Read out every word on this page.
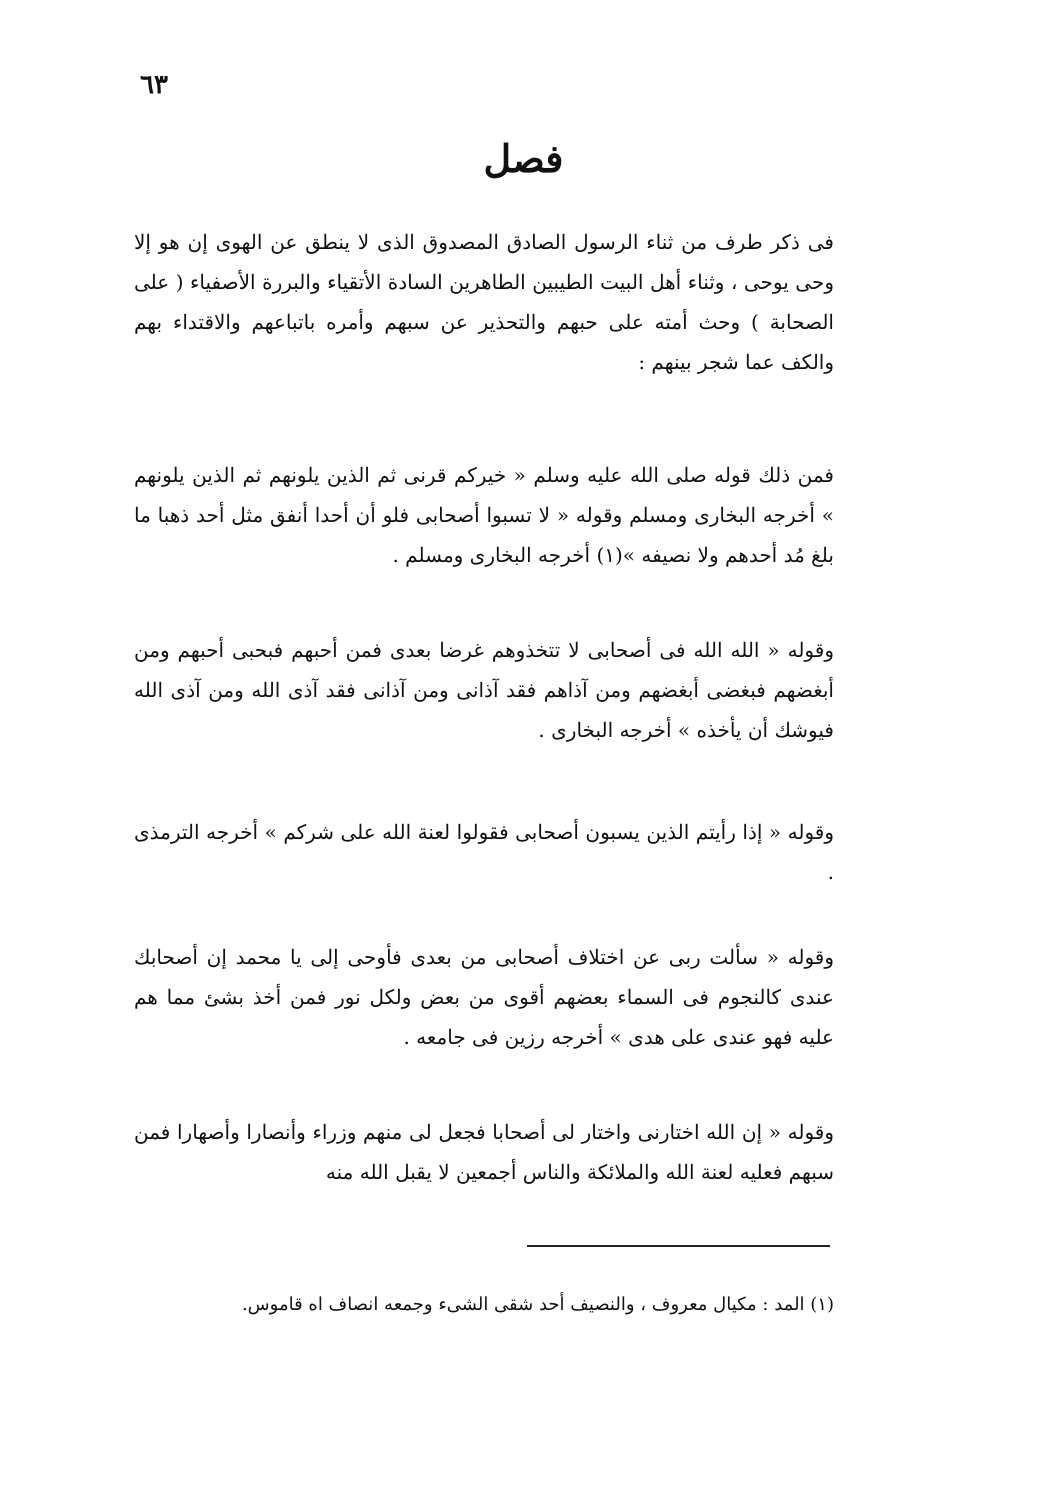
٦٣
فصل

فى ذكر طرف من ثناء الرسول الصادق المصدوق الذى لا ينطق عن الهوى إن هو إلا وحى يوحى ، وثناء أهل البيت الطيبين الطاهرين السادة الأتقياء والبررة الأصفياء ( على الصحابة ) وحث أمته على حبهم والتحذير عن سبهم وأمره باتباعهم والاقتداء بهم والكف عما شجر بينهم :

فمن ذلك قوله صلى الله عليه وسلم « خيركم قرنى ثم الذين يلونهم ثم الذين يلونهم » أخرجه البخارى ومسلم وقوله « لا تسبوا أصحابى فلو أن أحدا أنفق مثل أحد ذهبا ما بلغ مُد أحدهم ولا نصيفه »(١) أخرجه البخارى ومسلم .

وقوله « الله الله فى أصحابى لا تتخذوهم غرضا بعدى فمن أحبهم فبحبى أحبهم ومن أبغضهم فبغضى أبغضهم ومن آذاهم فقد آذانى ومن آذانى فقد آذى الله ومن آذى الله فيوشك أن يأخذه » أخرجه البخارى .

وقوله « إذا رأيتم الذين يسبون أصحابى فقولوا لعنة الله على شركم » أخرجه الترمذى .

وقوله « سألت ربى عن اختلاف أصحابى من بعدى فأوحى إلى يا محمد إن أصحابك عندى كالنجوم فى السماء بعضهم أقوى من بعض ولكل نور فمن أخذ بشئ مما هم عليه فهو عندى على هدى » أخرجه رزين فى جامعه .

وقوله « إن الله اختارنى واختار لى أصحابا فجعل لى منهم وزراء وأنصارا وأصهارا فمن سبهم فعليه لعنة الله والملائكة والناس أجمعين لا يقبل الله منه

(١) المد : مكيال معروف ، والنصيف أحد شقى الشىء وجمعه انصاف اه قاموس.
